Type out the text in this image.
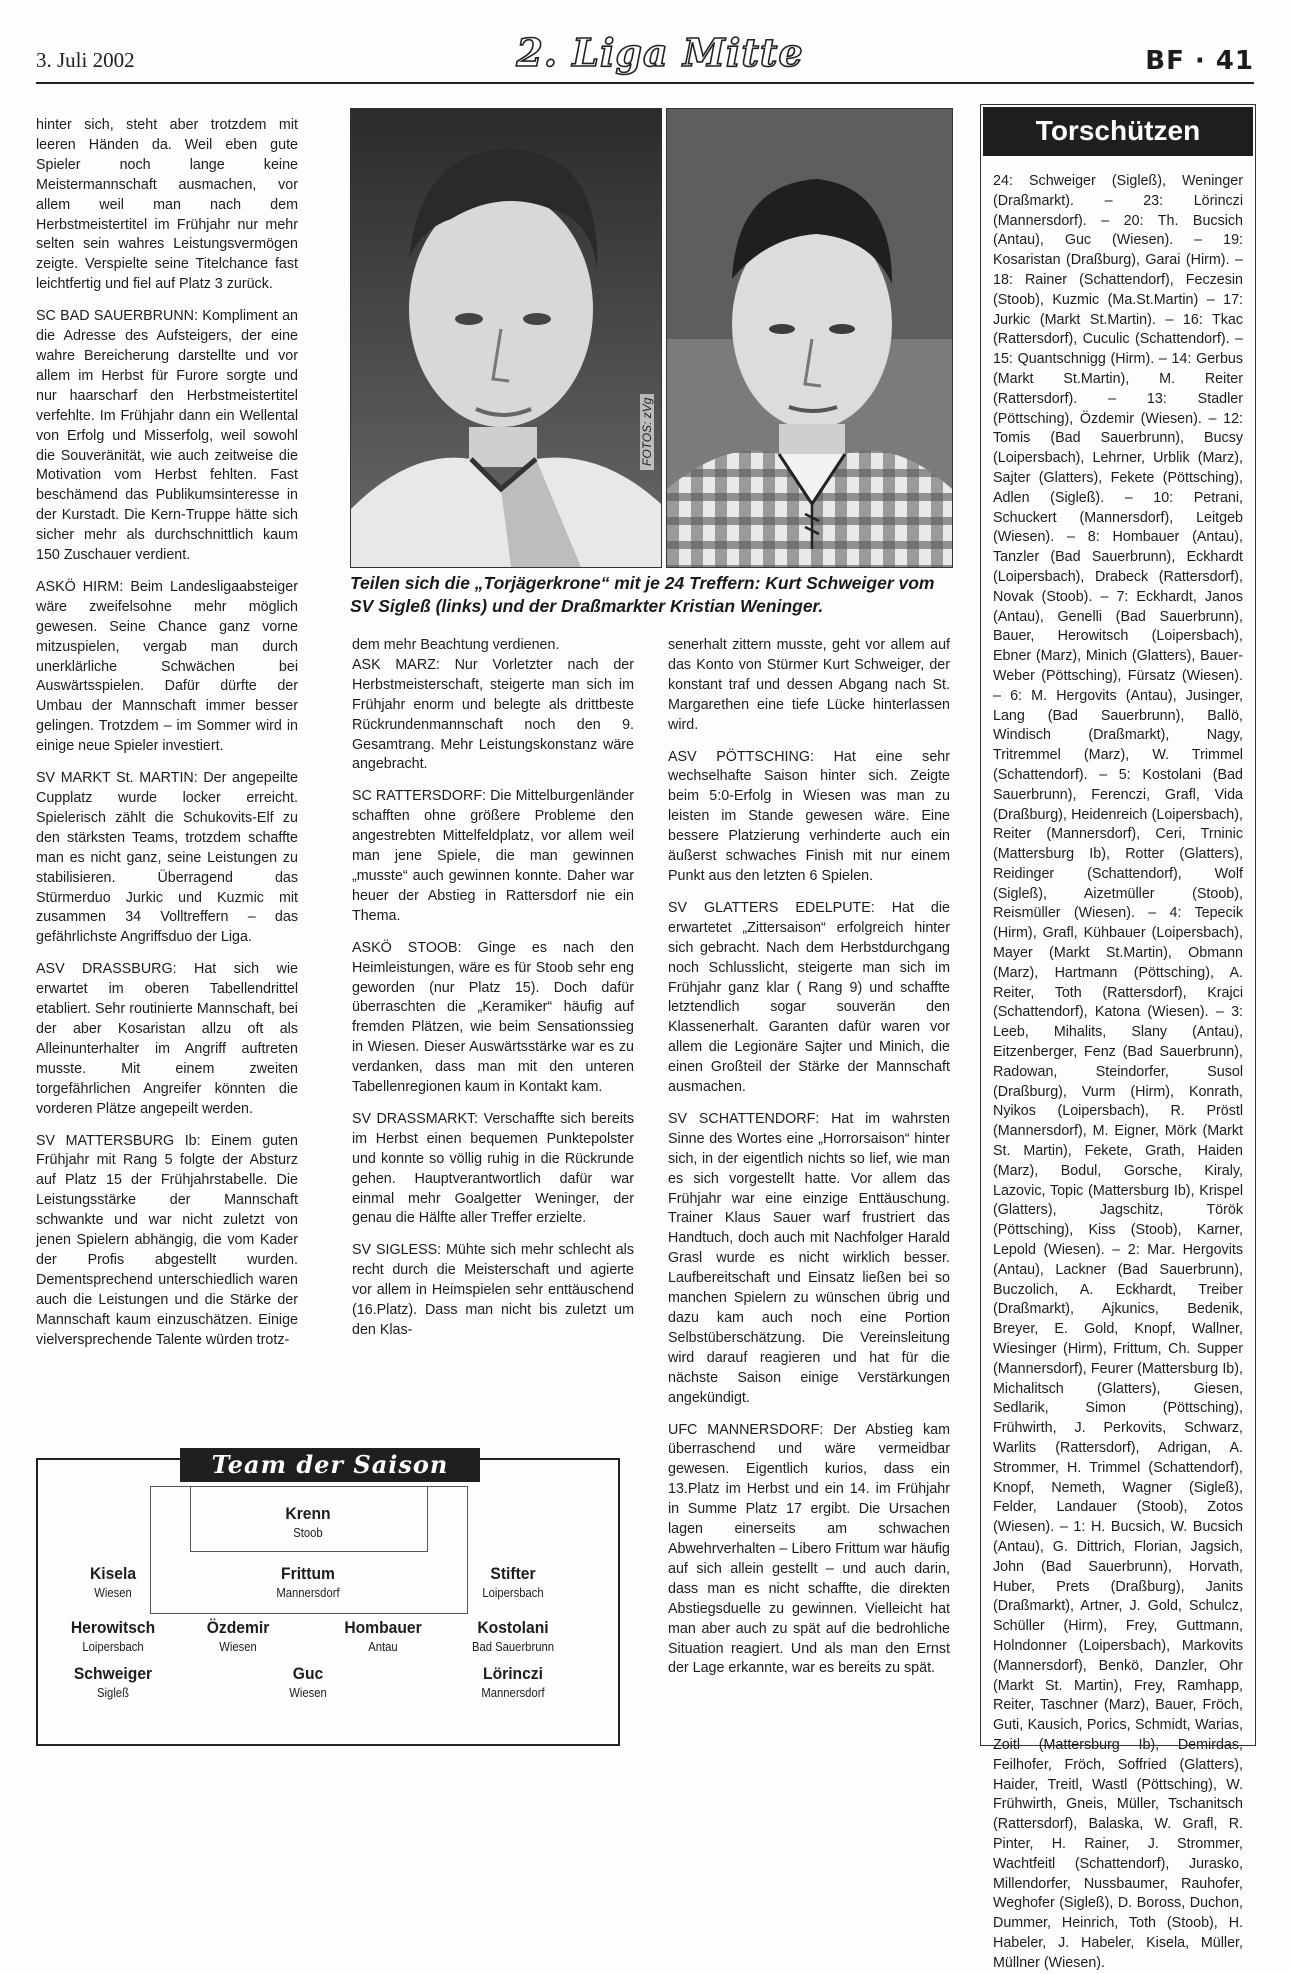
3. Juli 2002	2. Liga Mitte	BF · 41

hinter sich, steht aber trotzdem mit leeren Händen da. Weil eben gute Spieler noch lange keine Meistermannschaft ausmachen, vor allem weil man nach dem Herbstmeistertitel im Frühjahr nur mehr selten sein wahres Leistungsvermögen zeigte. Verspielte seine Titelchance fast leichtfertig und fiel auf Platz 3 zurück.

SC BAD SAUERBRUNN: Kompliment an die Adresse des Aufsteigers, der eine wahre Bereicherung darstellte und vor allem im Herbst für Furore sorgte und nur haarscharf den Herbstmeistertitel verfehlte. Im Frühjahr dann ein Wellental von Erfolg und Misserfolg, weil sowohl die Souveränität, wie auch zeitweise die Motivation vom Herbst fehlten. Fast beschämend das Publikumsinteresse in der Kurstadt. Die Kern-Truppe hätte sich sicher mehr als durchschnittlich kaum 150 Zuschauer verdient.

ASKÖ HIRM: Beim Landesligaabsteiger wäre zweifelsohne mehr möglich gewesen. Seine Chance ganz vorne mitzuspielen, vergab man durch unerklärliche Schwächen bei Auswärtsspielen. Dafür dürfte der Umbau der Mannschaft immer besser gelingen. Trotzdem – im Sommer wird in einige neue Spieler investiert.

SV MARKT St. MARTIN: Der angepeilte Cupplatz wurde locker erreicht. Spielerisch zählt die Schukovits-Elf zu den stärksten Teams, trotzdem schaffte man es nicht ganz, seine Leistungen zu stabilisieren. Überragend das Stürmerduo Jurkic und Kuzmic mit zusammen 34 Volltreffern – das gefährlichste Angriffsduo der Liga.

ASV DRASSBURG: Hat sich wie erwartet im oberen Tabellendrittel etabliert. Sehr routinierte Mannschaft, bei der aber Kosaristan allzu oft als Alleinunterhalter im Angriff auftreten musste. Mit einem zweiten torgefährlichen Angreifer könnten die vorderen Plätze angepeilt werden.

SV MATTERSBURG Ib: Einem guten Frühjahr mit Rang 5 folgte der Absturz auf Platz 15 der Frühjahrstabelle. Die Leistungsstärke der Mannschaft schwankte und war nicht zuletzt von jenen Spielern abhängig, die vom Kader der Profis abgestellt wurden. Dementsprechend unterschiedlich waren auch die Leistungen und die Stärke der Mannschaft kaum einzuschätzen. Einige vielversprechende Talente würden trotz-

FOTOS: zVg
Teilen sich die „Torjägerkrone“ mit je 24 Treffern: Kurt Schweiger vom SV Sigleß (links) und der Draßmarkter Kristian Weninger.

dem mehr Beachtung verdienen.

ASK MARZ: Nur Vorletzter nach der Herbstmeisterschaft, steigerte man sich im Frühjahr enorm und belegte als drittbeste Rückrundenmannschaft noch den 9. Gesamtrang. Mehr Leistungskonstanz wäre angebracht.

SC RATTERSDORF: Die Mittelburgenländer schafften ohne größere Probleme den angestrebten Mittelfeldplatz, vor allem weil man jene Spiele, die man gewinnen „musste“ auch gewinnen konnte. Daher war heuer der Abstieg in Rattersdorf nie ein Thema.

ASKÖ STOOB: Ginge es nach den Heimleistungen, wäre es für Stoob sehr eng geworden (nur Platz 15). Doch dafür überraschten die „Keramiker“ häufig auf fremden Plätzen, wie beim Sensationssieg in Wiesen. Dieser Auswärtsstärke war es zu verdanken, dass man mit den unteren Tabellenregionen kaum in Kontakt kam.

SV DRASSMARKT: Verschaffte sich bereits im Herbst einen bequemen Punktepolster und konnte so völlig ruhig in die Rückrunde gehen. Hauptverantwortlich dafür war einmal mehr Goalgetter Weninger, der genau die Hälfte aller Treffer erzielte.

SV SIGLESS: Mühte sich mehr schlecht als recht durch die Meisterschaft und agierte vor allem in Heimspielen sehr enttäuschend (16.Platz). Dass man nicht bis zuletzt um den Klas-

senerhalt zittern musste, geht vor allem auf das Konto von Stürmer Kurt Schweiger, der konstant traf und dessen Abgang nach St. Margarethen eine tiefe Lücke hinterlassen wird.

ASV PÖTTSCHING: Hat eine sehr wechselhafte Saison hinter sich. Zeigte beim 5:0-Erfolg in Wiesen was man zu leisten im Stande gewesen wäre. Eine bessere Platzierung verhinderte auch ein äußerst schwaches Finish mit nur einem Punkt aus den letzten 6 Spielen.

SV GLATTERS EDELPUTE: Hat die erwartetet „Zittersaison“ erfolgreich hinter sich gebracht. Nach dem Herbstdurchgang noch Schlusslicht, steigerte man sich im Frühjahr ganz klar ( Rang 9) und schaffte letztendlich sogar souverän den Klassenerhalt. Garanten dafür waren vor allem die Legionäre Sajter und Minich, die einen Großteil der Stärke der Mannschaft ausmachen.

SV SCHATTENDORF: Hat im wahrsten Sinne des Wortes eine „Horrorsaison“ hinter sich, in der eigentlich nichts so lief, wie man es sich vorgestellt hatte. Vor allem das Frühjahr war eine einzige Enttäuschung. Trainer Klaus Sauer warf frustriert das Handtuch, doch auch mit Nachfolger Harald Grasl wurde es nicht wirklich besser. Laufbereitschaft und Einsatz ließen bei so manchen Spielern zu wünschen übrig und dazu kam auch noch eine Portion Selbstüberschätzung. Die Vereinsleitung wird darauf reagieren und hat für die nächste Saison einige Verstärkungen angekündigt.

UFC MANNERSDORF: Der Abstieg kam überraschend und wäre vermeidbar gewesen. Eigentlich kurios, dass ein 13.Platz im Herbst und ein 14. im Frühjahr in Summe Platz 17 ergibt. Die Ursachen lagen einerseits am schwachen Abwehrverhalten – Libero Frittum war häufig auf sich allein gestellt – und auch darin, dass man es nicht schaffte, die direkten Abstiegsduelle zu gewinnen. Vielleicht hat man aber auch zu spät auf die bedrohliche Situation reagiert. Und als man den Ernst der Lage erkannte, war es bereits zu spät.

Torschützen
24: Schweiger (Sigleß), Weninger (Draßmarkt). – 23: Lörinczi (Mannersdorf). – 20: Th. Bucsich (Antau), Guc (Wiesen). – 19: Kosaristan (Draßburg), Garai (Hirm). – 18: Rainer (Schattendorf), Feczesin (Stoob), Kuzmic (Ma.St.Martin) – 17: Jurkic (Markt St.Martin). – 16: Tkac (Rattersdorf), Cuculic (Schattendorf). – 15: Quantschnigg (Hirm). – 14: Gerbus (Markt St.Martin), M. Reiter (Rattersdorf). – 13: Stadler (Pöttsching), Özdemir (Wiesen). – 12: Tomis (Bad Sauerbrunn), Bucsy (Loipersbach), Lehrner, Urblik (Marz), Sajter (Glatters), Fekete (Pöttsching), Adlen (Sigleß). – 10: Petrani, Schuckert (Mannersdorf), Leitgeb (Wiesen). – 8: Hombauer (Antau), Tanzler (Bad Sauerbrunn), Eckhardt (Loipersbach), Drabeck (Rattersdorf), Novak (Stoob). – 7: Eckhardt, Janos (Antau), Genelli (Bad Sauerbrunn), Bauer, Herowitsch (Loipersbach), Ebner (Marz), Minich (Glatters), Bauer-Weber (Pöttsching), Fürsatz (Wiesen). – 6: M. Hergovits (Antau), Jusinger, Lang (Bad Sauerbrunn), Ballö, Windisch (Draßmarkt), Nagy, Tritremmel (Marz), W. Trimmel (Schattendorf). – 5: Kostolani (Bad Sauerbrunn), Ferenczi, Grafl, Vida (Draßburg), Heidenreich (Loipersbach), Reiter (Mannersdorf), Ceri, Trninic (Mattersburg Ib), Rotter (Glatters), Reidinger (Schattendorf), Wolf (Sigleß), Aizetmüller (Stoob), Reismüller (Wiesen). – 4: Tepecik (Hirm), Grafl, Kühbauer (Loipersbach), Mayer (Markt St.Martin), Obmann (Marz), Hartmann (Pöttsching), A. Reiter, Toth (Rattersdorf), Krajci (Schattendorf), Katona (Wiesen). – 3: Leeb, Mihalits, Slany (Antau), Eitzenberger, Fenz (Bad Sauerbrunn), Radowan, Steindorfer, Susol (Draßburg), Vurm (Hirm), Konrath, Nyikos (Loipersbach), R. Pröstl (Mannersdorf), M. Eigner, Mörk (Markt St. Martin), Fekete, Grath, Haiden (Marz), Bodul, Gorsche, Kiraly, Lazovic, Topic (Mattersburg Ib), Krispel (Glatters), Jagschitz, Török (Pöttsching), Kiss (Stoob), Karner, Lepold (Wiesen). – 2: Mar. Hergovits (Antau), Lackner (Bad Sauerbrunn), Buczolich, A. Eckhardt, Treiber (Draßmarkt), Ajkunics, Bedenik, Breyer, E. Gold, Knopf, Wallner, Wiesinger (Hirm), Frittum, Ch. Supper (Mannersdorf), Feurer (Mattersburg Ib), Michalitsch (Glatters), Giesen, Sedlarik, Simon (Pöttsching), Frühwirth, J. Perkovits, Schwarz, Warlits (Rattersdorf), Adrigan, A. Strommer, H. Trimmel (Schattendorf), Knopf, Nemeth, Wagner (Sigleß), Felder, Landauer (Stoob), Zotos (Wiesen). – 1: H. Bucsich, W. Bucsich (Antau), G. Dittrich, Florian, Jagsich, John (Bad Sauerbrunn), Horvath, Huber, Prets (Draßburg), Janits (Draßmarkt), Artner, J. Gold, Schulcz, Schüller (Hirm), Frey, Guttmann, Holndonner (Loipersbach), Markovits (Mannersdorf), Benkö, Danzler, Ohr (Markt St. Martin), Frey, Ramhapp, Reiter, Taschner (Marz), Bauer, Fröch, Guti, Kausich, Porics, Schmidt, Warias, Zoitl (Mattersburg Ib), Demirdas, Feilhofer, Fröch, Soffried (Glatters), Haider, Treitl, Wastl (Pöttsching), W. Frühwirth, Gneis, Müller, Tschanitsch (Rattersdorf), Balaska, W. Grafl, R. Pinter, H. Rainer, J. Strommer, Wachtfeitl (Schattendorf), Jurasko, Millendorfer, Nussbaumer, Rauhofer, Weghofer (Sigleß), D. Boross, Duchon, Dummer, Heinrich, Toth (Stoob), H. Habeler, J. Habeler, Kisela, Müller, Müllner (Wiesen).
Team der Saison
Krenn
Stoob
Kisela
Wiesen
Frittum
Mannersdorf
Stifter
Loipersbach
Herowitsch
Loipersbach
Özdemir
Wiesen
Hombauer
Antau
Kostolani
Bad Sauerbrunn
Schweiger
Sigleß
Guc
Wiesen
Lörinczi
Mannersdorf
